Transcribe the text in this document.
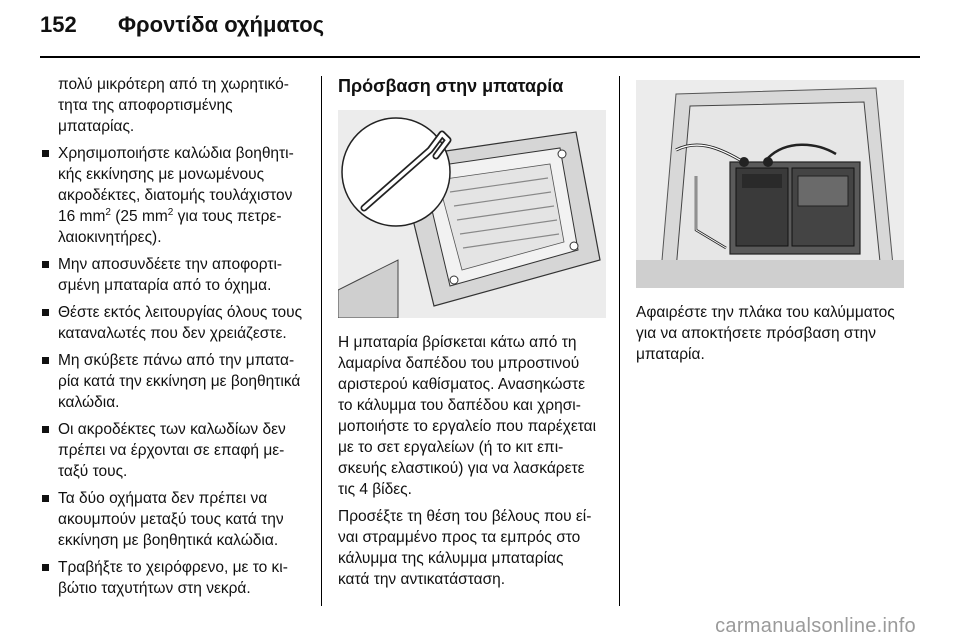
152 Φροντίδα οχήματος
πολύ μικρότερη από τη χωρητικό-
τητα της αποφορτισμένης
μπαταρίας.
Χρησιμοποιήστε καλώδια βοηθητι-
κής εκκίνησης με μονωμένους
ακροδέκτες, διατομής τουλάχιστον
16 $mm^2$ (25 $mm^2$ για τους πετρε-
λαιοκινητήρες).
Μην αποσυνδέετε την αποφορτι-
σμένη μπαταρία από το όχημα.
Θέστε εκτός λειτουργίας όλους τους
καταναλωτές που δεν χρειάζεστε.
Μη σκύβετε πάνω από την μπατα-
ρία κατά την εκκίνηση με βοηθητικά
καλώδια.
Οι ακροδέκτες των καλωδίων δεν
πρέπει να έρχονται σε επαφή με-
ταξύ τους.
Τα δύο οχήματα δεν πρέπει να
ακουμπούν μεταξύ τους κατά την
εκκίνηση με βοηθητικά καλώδια.
Τραβήξτε το χειρόφρενο, με το κι-
βώτιο ταχυτήτων στη νεκρά.
Πρόσβαση στην μπαταρία
Η μπαταρία βρίσκεται κάτω από τη
λαμαρίνα δαπέδου του μπροστινού
αριστερού καθίσματος. Ανασηκώστε
το κάλυμμα του δαπέδου και χρησι-
μοποιήστε το εργαλείο που παρέχεται
με το σετ εργαλείων (ή το κιτ επι-
σκευής ελαστικού) για να λασκάρετε
τις 4 βίδες.
Προσέξτε τη θέση του βέλους που εί-
ναι στραμμένο προς τα εμπρός στο
κάλυμμα της κάλυμμα μπαταρίας
κατά την αντικατάσταση.
Αφαιρέστε την πλάκα του καλύμματος
για να αποκτήσετε πρόσβαση στην
μπαταρία.
carmanualsonline.info
